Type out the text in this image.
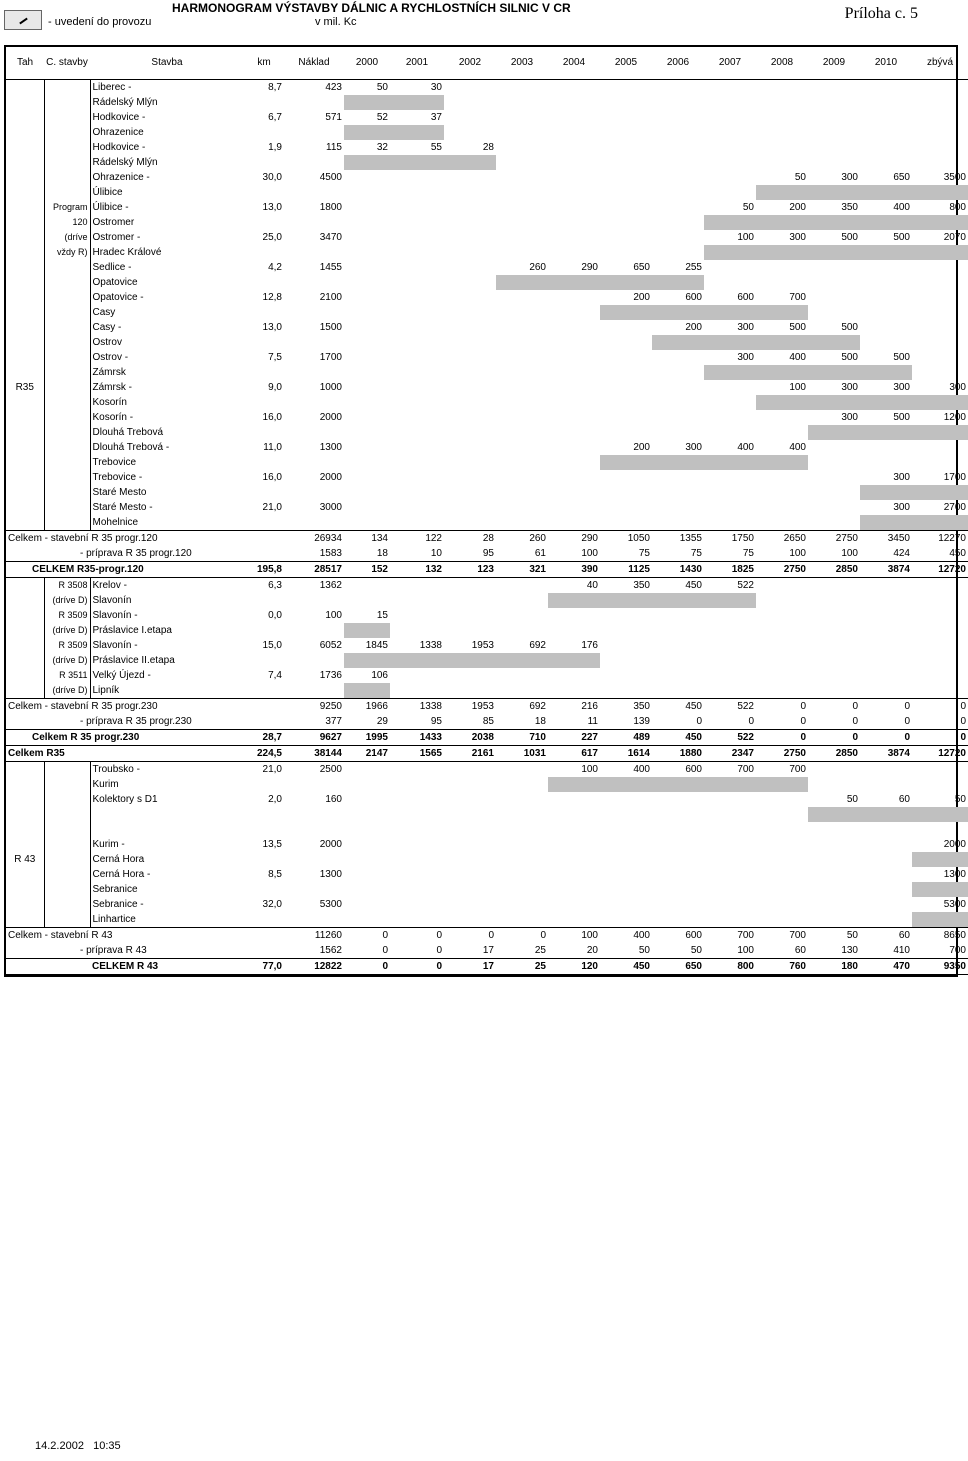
- uvedení do provozu
HARMONOGRAM VÝSTAVBY DÁLNIC A RYCHLOSTNÍCH SILNIC V CR
v mil. Kc	Príloha c. 5
Tah	C. stavby	Stavba	km	Náklad	2000	2001	2002	2003	2004	2005	2006	2007	2008	2009	2010	zbývá
		Liberec -	8,7	423	50	30										
		Rádelský Mlýn														
		Hodkovice -	6,7	571	52	37										
		Ohrazenice														
		Hodkovice -	1,9	115	32	55	28									
		Rádelský Mlýn														
		Ohrazenice -	30,0	4500									50	300	650	3500
		Úlibice														
	Program	Úlibice -	13,0	1800								50	200	350	400	800
	120	Ostromer														
	(dríve	Ostromer -	25,0	3470								100	300	500	500	2070
	vždy R)	Hradec Králové														
		Sedlice -	4,2	1455				260	290	650	255					
		Opatovice														
		Opatovice -	12,8	2100						200	600	600	700			
		Casy														
		Casy -	13,0	1500							200	300	500	500		
		Ostrov														
		Ostrov -	7,5	1700								300	400	500	500	
		Zámrsk														
R35		Zámrsk -	9,0	1000									100	300	300	300
		Kosorín														
		Kosorín -	16,0	2000										300	500	1200
		Dlouhá Trebová														
		Dlouhá Trebová -	11,0	1300						200	300	400	400			
		Trebovice														
		Trebovice -	16,0	2000											300	1700
		Staré Mesto														
		Staré Mesto -	21,0	3000											300	2700
		Mohelnice														
Celkem - stavební R 35 progr.120				26934	134	122	28	260	290	1050	1355	1750	2650	2750	3450	12270
- príprava R 35 progr.120				1583	18	10	95	61	100	75	75	75	100	100	424	450
CELKEM R35-progr.120			195,8	28517	152	132	123	321	390	1125	1430	1825	2750	2850	3874	12720
	R 3508	Krelov -	6,3	1362					40	350	450	522				
	(dríve D)	Slavonín														
	R 3509	Slavonín -	0,0	100	15											
	(dríve D)	Práslavice I.etapa														
	R 3509	Slavonín -	15,0	6052	1845	1338	1953	692	176							
	(dríve D)	Práslavice II.etapa														
	R 3511	Velký Újezd -	7,4	1736	106											
	(dríve D)	Lipník														
Celkem - stavební R 35 progr.230				9250	1966	1338	1953	692	216	350	450	522	0	0	0	0
- príprava R 35 progr.230				377	29	95	85	18	11	139	0	0	0	0	0	0
Celkem R 35 progr.230			28,7	9627	1995	1433	2038	710	227	489	450	522	0	0	0	0
Celkem R35			224,5	38144	2147	1565	2161	1031	617	1614	1880	2347	2750	2850	3874	12720
		Troubsko -	21,0	2500					100	400	600	700	700			
		Kurim														
		Kolektory s D1	2,0	160										50	60	50

		Kurim -	13,5	2000												2000
R 43		Cerná Hora														
		Cerná Hora -	8,5	1300												1300
		Sebranice														
		Sebranice -	32,0	5300												5300
		Linhartice														
Celkem - stavební R 43				11260	0	0	0	0	100	400	600	700	700	50	60	8650
- príprava R 43				1562	0	0	17	25	20	50	50	100	60	130	410	700
CELKEM R 43			77,0	12822	0	0	17	25	120	450	650	800	760	180	470	9350
14.2.2002 10:35
